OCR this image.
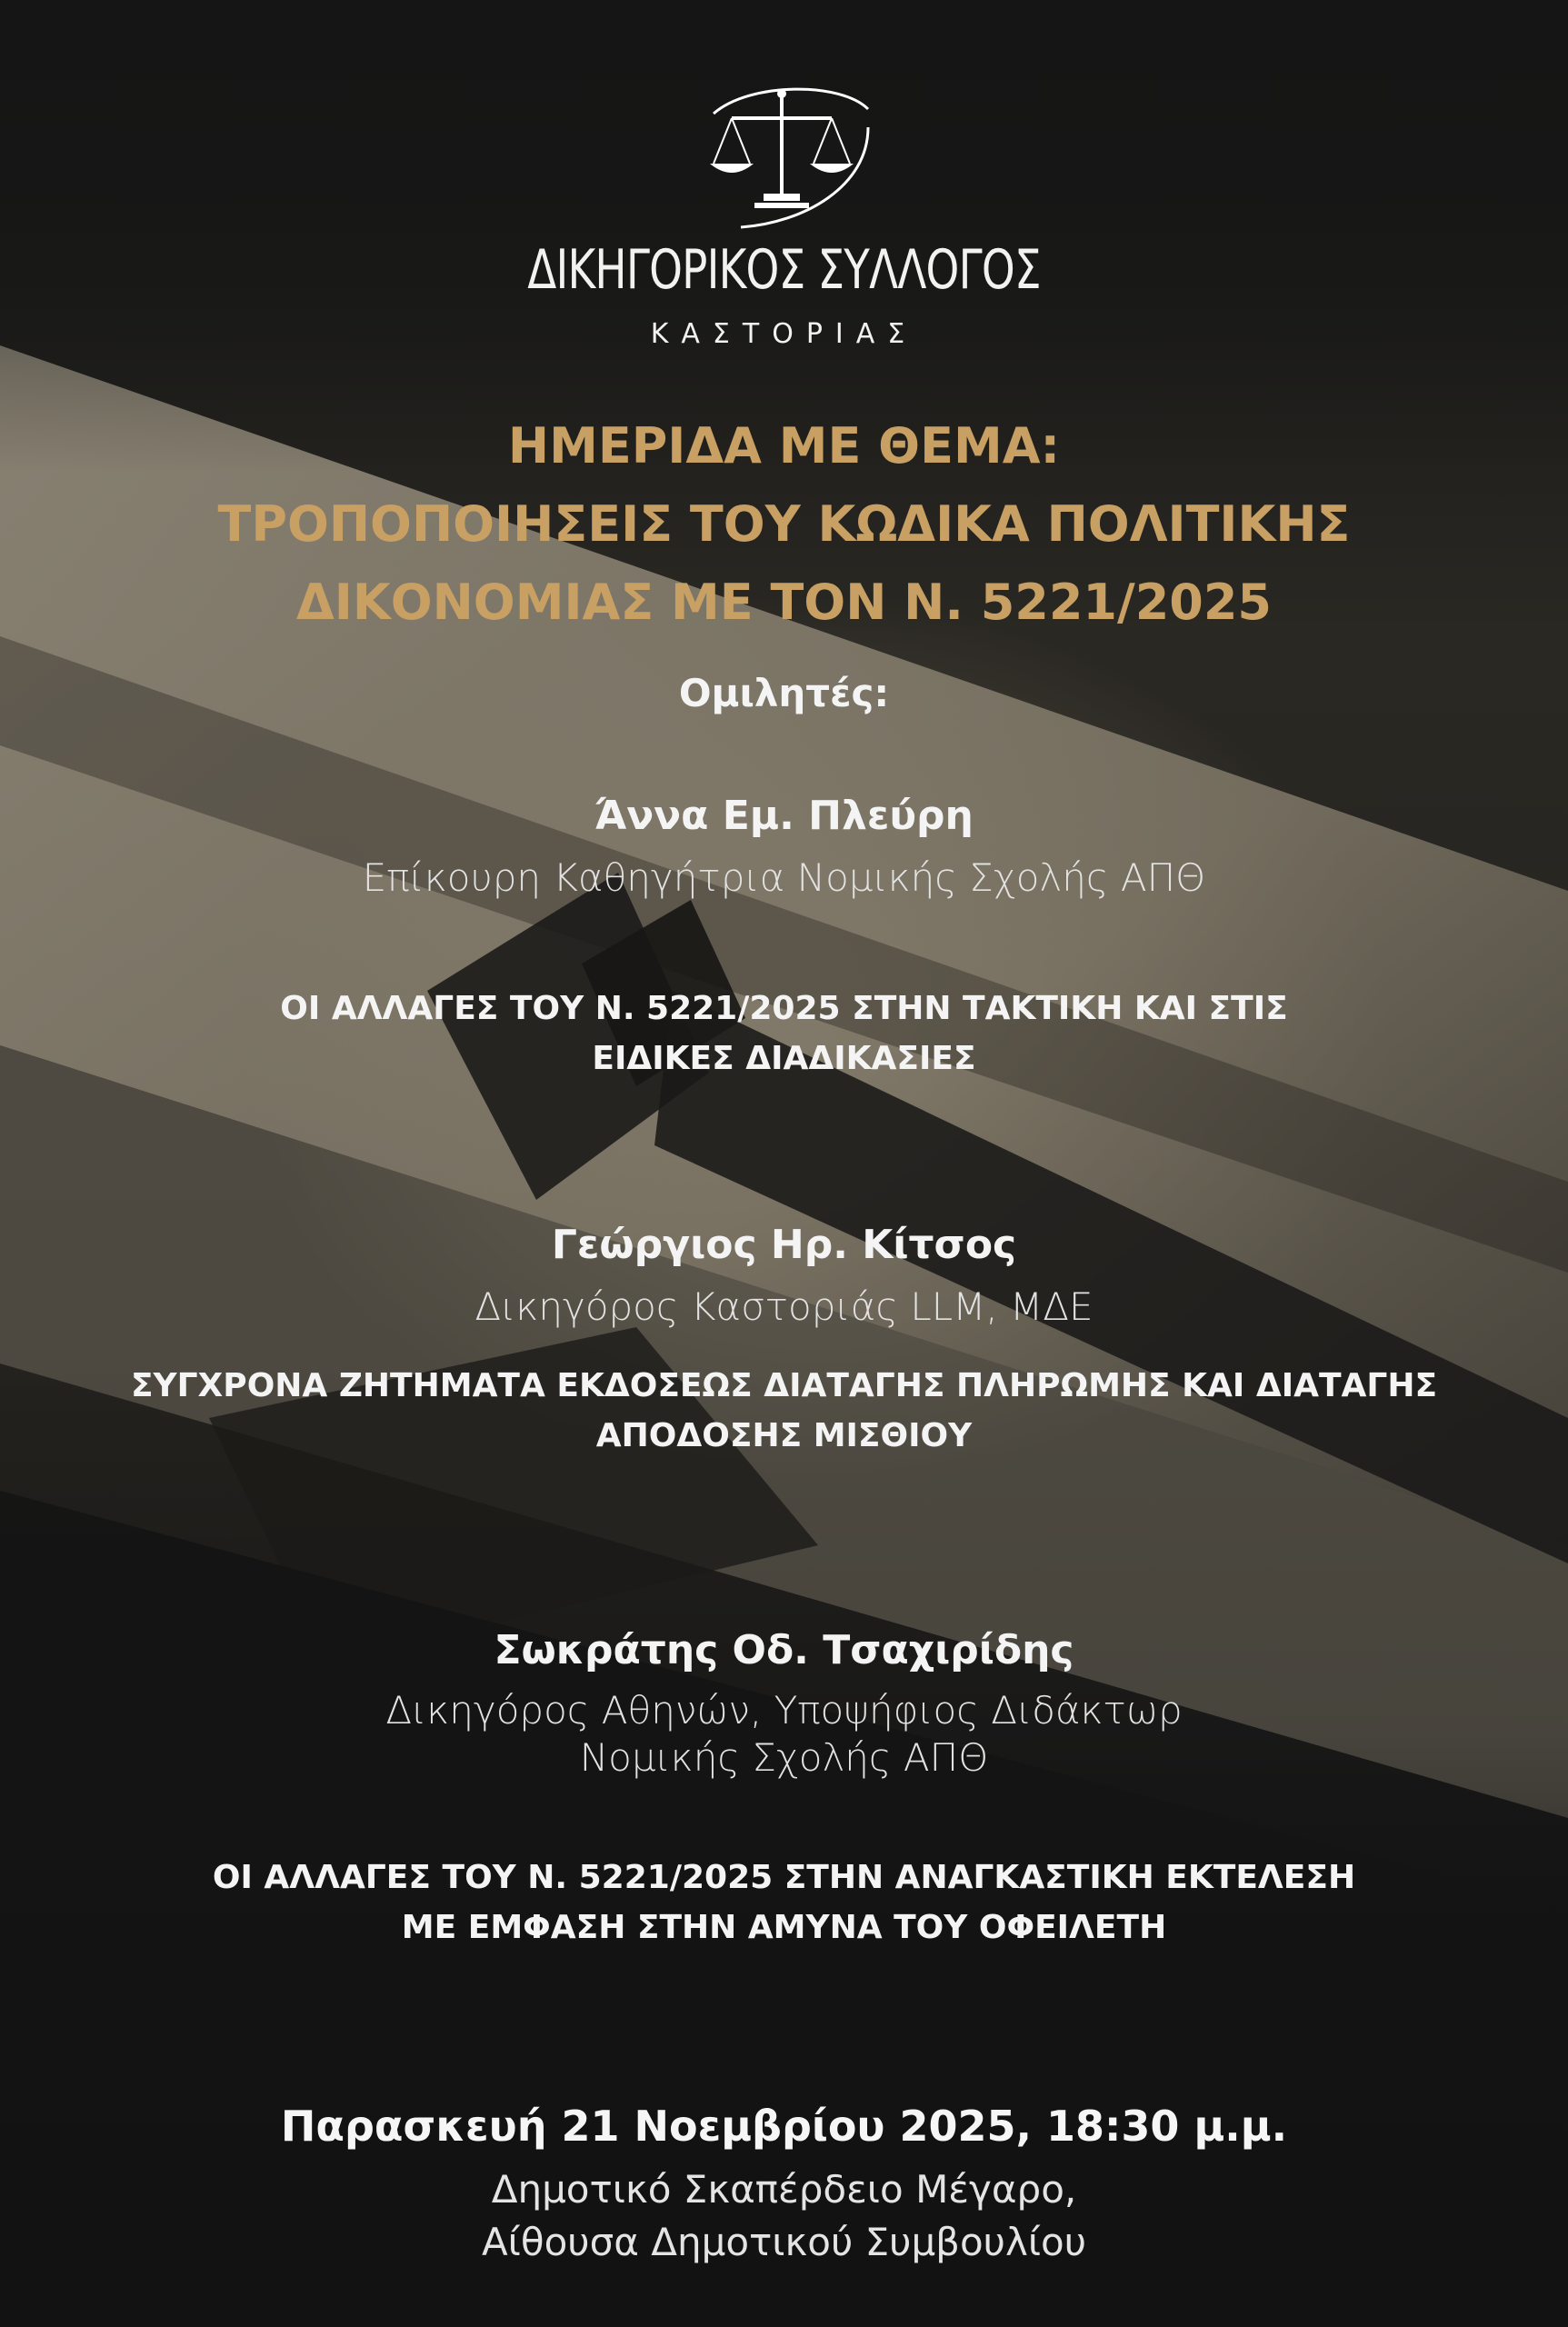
ΔΙΚΗΓΟΡΙΚΟΣ ΣΥΛΛΟΓΟΣ
ΚΑΣΤΟΡΙΑΣ
ΗΜΕΡΙΔΑ ΜΕ ΘΕΜΑ:
ΤΡΟΠΟΠΟΙΗΣΕΙΣ ΤΟΥ ΚΩΔΙΚΑ ΠΟΛΙΤΙΚΗΣ
ΔΙΚΟΝΟΜΙΑΣ ΜΕ ΤΟΝ Ν. 5221/2025
Ομιλητές:
Άννα Εμ. Πλεύρη
Επίκουρη Καθηγήτρια Νομικής Σχολής ΑΠΘ
ΟΙ ΑΛΛΑΓΕΣ ΤΟΥ Ν. 5221/2025 ΣΤΗΝ ΤΑΚΤΙΚΗ ΚΑΙ ΣΤΙΣ
ΕΙΔΙΚΕΣ ΔΙΑΔΙΚΑΣΙΕΣ
Γεώργιος Ηρ. Κίτσος
Δικηγόρος Καστοριάς LLM, ΜΔΕ
ΣΥΓΧΡΟΝΑ ΖΗΤΗΜΑΤΑ ΕΚΔΟΣΕΩΣ ΔΙΑΤΑΓΗΣ ΠΛΗΡΩΜΗΣ ΚΑΙ ΔΙΑΤΑΓΗΣ
ΑΠΟΔΟΣΗΣ ΜΙΣΘΙΟΥ
Σωκράτης Οδ. Τσαχιρίδης
Δικηγόρος Αθηνών, Υποψήφιος Διδάκτωρ
Νομικής Σχολής ΑΠΘ
ΟΙ ΑΛΛΑΓΕΣ ΤΟΥ Ν. 5221/2025 ΣΤΗΝ ΑΝΑΓΚΑΣΤΙΚΗ ΕΚΤΕΛΕΣΗ
ΜΕ ΕΜΦΑΣΗ ΣΤΗΝ ΑΜΥΝΑ ΤΟΥ ΟΦΕΙΛΕΤΗ
Παρασκευή 21 Νοεμβρίου 2025, 18:30 μ.μ.
Δημοτικό Σκαπέρδειο Μέγαρο,
Αίθουσα Δημοτικού Συμβουλίου
